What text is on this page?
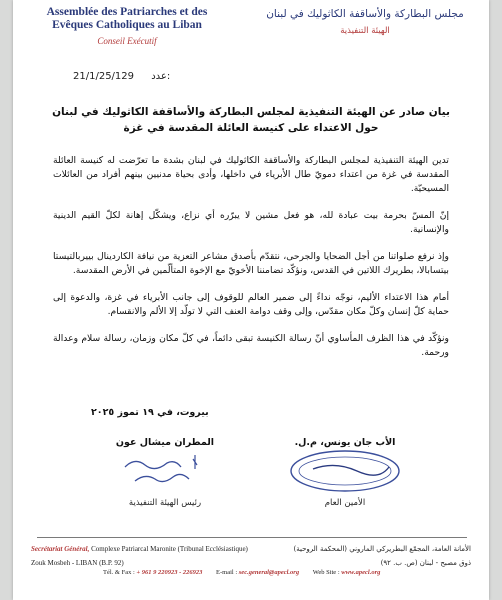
Assemblée des Patriarches et des
Evêques Catholiques au Liban
Conseil Exécutif
مجلس البطاركة والأساقفة الكاثوليك في لبنان
الهيئة التنفيذية
21/1/25/129 عدد:
بيان صادر عن الهيئة التنفيذية لمجلس البطاركة والأساقفة الكاثوليك في لبنان
حول الاعتداء على كنيسة العائلة المقدسة في غزة

تدين الهيئة التنفيذية لمجلس البطاركة والأساقفة الكاثوليك في لبنان بشدة ما تعرّضت له كنيسة العائلة المقدسة في غزة من اعتداء دمويّ طال الأبرياء في داخلها، وأدى بحياة مدنيين بينهم أفراد من العائلات المسيحيّة.

إنّ المسّ بحرمة بيت عبادة لله، هو فعل مشين لا يبرّره أي نزاع، ويشكّل إهانة لكلّ القيم الدينية والإنسانية.

وإذ نرفع صلواتنا من أجل الضحايا والجرحى، نتقدّم بأصدق مشاعر التعزية من نيافة الكاردينال بييربالتيستا بيتسابالا، بطريرك اللاتين في القدس، ونؤكّد تضامننا الأخويّ مع الإخوة المتألّمين في الأرض المقدسة.

أمام هذا الاعتداء الأليم، نوجّه نداءً إلى ضمير العالم للوقوف إلى جانب الأبرياء في غزة، والدعوة إلى حماية كلّ إنسان وكلّ مكان مقدّس، وإلى وقف دوامة العنف التي لا تولّد إلا الألم والانقسام.

ونؤكّد في هذا الظرف المأساوي أنّ رسالة الكنيسة تبقى دائماً، في كلّ مكان وزمان، رسالة سلام وعدالة ورحمة.

بيروت، في ١٩ تموز ٢٠٢٥
المطران ميشال عون
رئيس الهيئة التنفيذية
الأب جان يونس، م.ل.
الأمين العام
Secrétariat Général, Complexe Patriarcal Maronite (Tribunal Ecclésiastique)
Zouk Mosbeh - LIBAN (B.P. 92)
الأمانة العامة، المجمّع البطريركي الماروني (المحكمة الروحية)
ذوق مصبح - لبنان (ص. ب. ٩٢)
Tél. & Fax : + 961 9 220923 - 226923 E-mail : sec.general@apecl.org Web Site : www.apecl.org
